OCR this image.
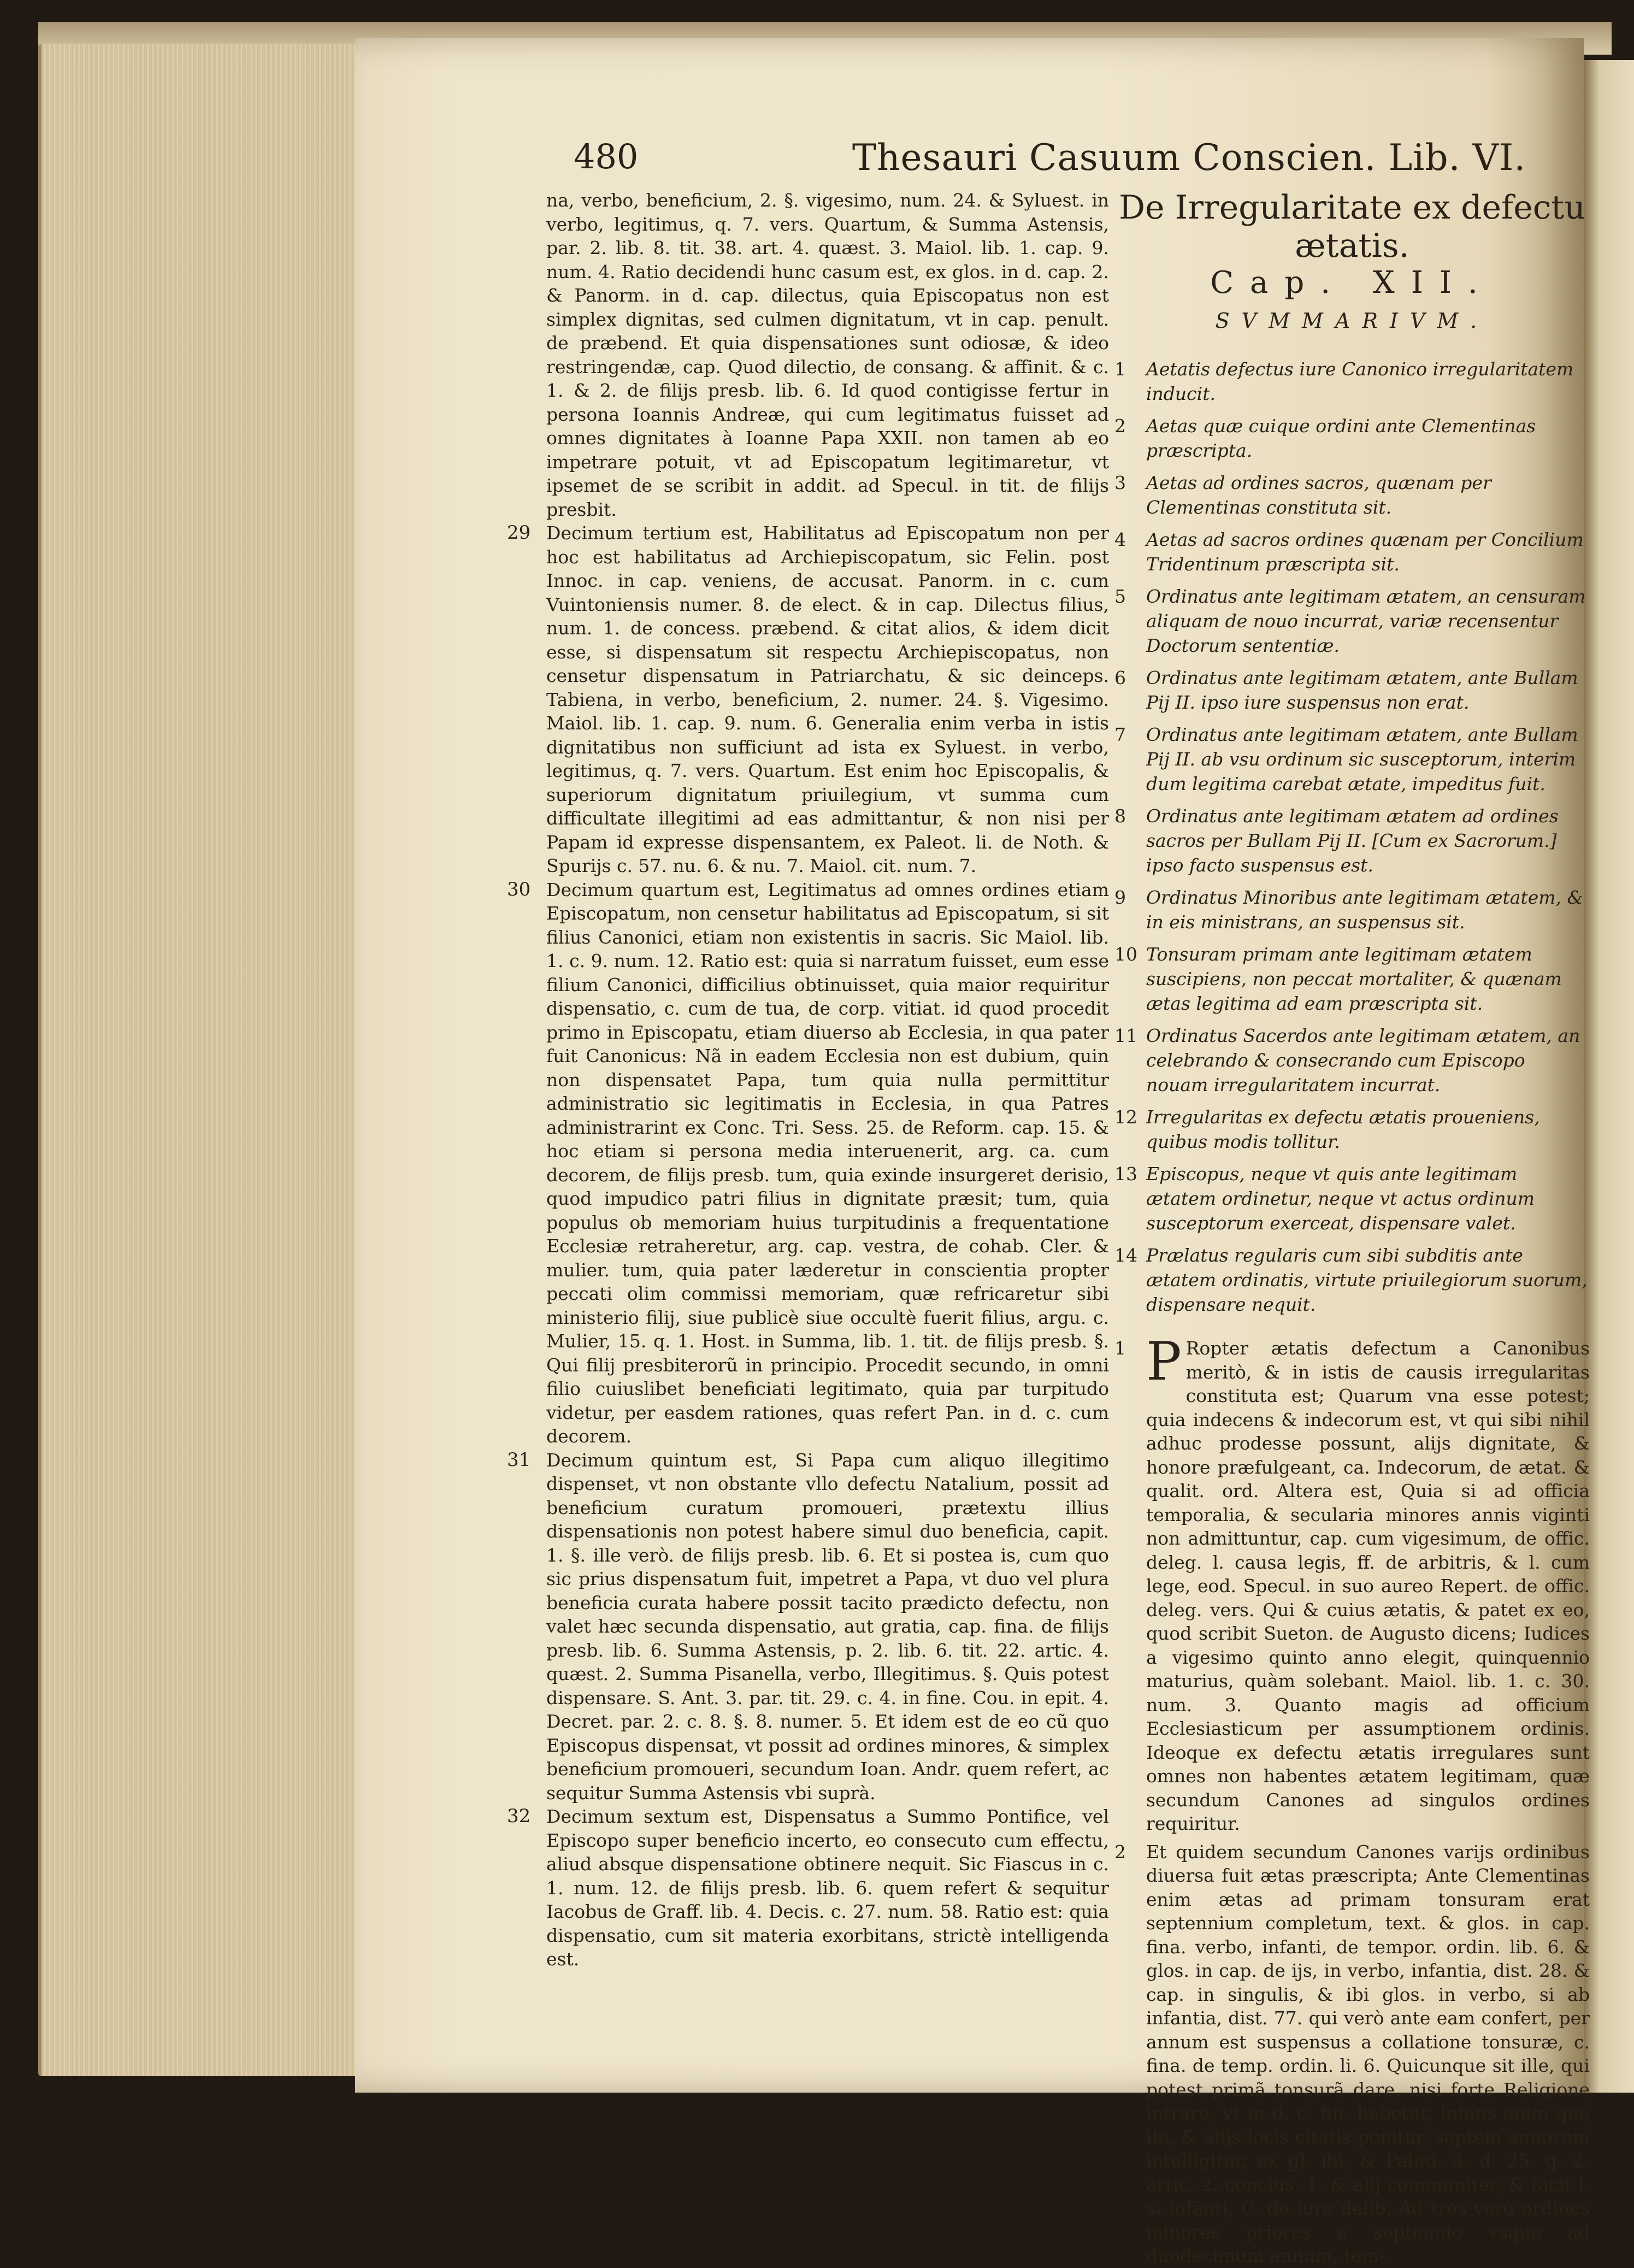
480	Thesauri Casuum Conscien. Lib. VI.

na, verbo, beneficium, 2. §. vigesimo, num. 24. & Syluest. in verbo, legitimus, q. 7. vers. Quartum, & Summa Astensis, par. 2. lib. 8. tit. 38. art. 4. quæst. 3. Maiol. lib. 1. cap. 9. num. 4. Ratio decidendi hunc casum est, ex glos. in d. cap. 2. & Panorm. in d. cap. dilectus, quia Episcopatus non est simplex dignitas, sed culmen dignitatum, vt in cap. penult. de præbend. Et quia dispensationes sunt odiosæ, & ideo restringendæ, cap. Quod dilectio, de consang. & affinit. & c. 1. & 2. de filijs presb. lib. 6. Id quod contigisse fertur in persona Ioannis Andreæ, qui cum legitimatus fuisset ad omnes dignitates à Ioanne Papa XXII. non tamen ab eo impetrare potuit, vt ad Episcopatum legitimaretur, vt ipsemet de se scribit in addit. ad Specul. in tit. de filijs presbit.

29 Decimum tertium est, Habilitatus ad Episcopatum non per hoc est habilitatus ad Archiepiscopatum, sic Felin. post Innoc. in cap. veniens, de accusat. Panorm. in c. cum Vuintoniensis numer. 8. de elect. & in cap. Dilectus filius, num. 1. de concess. præbend. & citat alios, & idem dicit esse, si dispensatum sit respectu Archiepiscopatus, non censetur dispensatum in Patriarchatu, & sic deinceps. Tabiena, in verbo, beneficium, 2. numer. 24. §. Vigesimo. Maiol. lib. 1. cap. 9. num. 6. Generalia enim verba in istis dignitatibus non sufficiunt ad ista ex Syluest. in verbo, legitimus, q. 7. vers. Quartum. Est enim hoc Episcopalis, & superiorum dignitatum priuilegium, vt summa cum difficultate illegitimi ad eas admittantur, & non nisi per Papam id expresse dispensantem, ex Paleot. li. de Noth. & Spurijs c. 57. nu. 6. & nu. 7. Maiol. cit. num. 7.

30 Decimum quartum est, Legitimatus ad omnes ordines etiam Episcopatum, non censetur habilitatus ad Episcopatum, si sit filius Canonici, etiam non existentis in sacris. Sic Maiol. lib. 1. c. 9. num. 12. Ratio est: quia si narratum fuisset, eum esse filium Canonici, difficilius obtinuisset, quia maior requiritur dispensatio, c. cum de tua, de corp. vitiat. id quod procedit primo in Episcopatu, etiam diuerso ab Ecclesia, in qua pater fuit Canonicus: Nã in eadem Ecclesia non est dubium, quin non dispensatet Papa, tum quia nulla permittitur administratio sic legitimatis in Ecclesia, in qua Patres administrarint ex Conc. Tri. Sess. 25. de Reform. cap. 15. & hoc etiam si persona media interuenerit, arg. ca. cum decorem, de filijs presb. tum, quia exinde insurgeret derisio, quod impudico patri filius in dignitate præsit; tum, quia populus ob memoriam huius turpitudinis a frequentatione Ecclesiæ retraheretur, arg. cap. vestra, de cohab. Cler. & mulier. tum, quia pater læderetur in conscientia propter peccati olim commissi memoriam, quæ refricaretur sibi ministerio filij, siue publicè siue occultè fuerit filius, argu. c. Mulier, 15. q. 1. Host. in Summa, lib. 1. tit. de filijs presb. §. Qui filij presbiterorũ in principio. Procedit secundo, in omni filio cuiuslibet beneficiati legitimato, quia par turpitudo videtur, per easdem rationes, quas refert Pan. in d. c. cum decorem.

31 Decimum quintum est, Si Papa cum aliquo illegitimo dispenset, vt non obstante vllo defectu Natalium, possit ad beneficium curatum promoueri, prætextu illius dispensationis non potest habere simul duo beneficia, capit. 1. §. ille verò. de filijs presb. lib. 6. Et si postea is, cum quo sic prius dispensatum fuit, impetret a Papa, vt duo vel plura beneficia curata habere possit tacito prædicto defectu, non valet hæc secunda dispensatio, aut gratia, cap. fina. de filijs presb. lib. 6. Summa Astensis, p. 2. lib. 6. tit. 22. artic. 4. quæst. 2. Summa Pisanella, verbo, Illegitimus. §. Quis potest dispensare. S. Ant. 3. par. tit. 29. c. 4. in fine. Cou. in epit. 4. Decret. par. 2. c. 8. §. 8. numer. 5. Et idem est de eo cũ quo Episcopus dispensat, vt possit ad ordines minores, & simplex beneficium promoueri, secundum Ioan. Andr. quem refert, ac sequitur Summa Astensis vbi suprà.

32 Decimum sextum est, Dispensatus a Summo Pontifice, vel Episcopo super beneficio incerto, eo consecuto cum effectu, aliud absque dispensatione obtinere nequit. Sic Fiascus in c. 1. num. 12. de filijs presb. lib. 6. quem refert & sequitur Iacobus de Graff. lib. 4. Decis. c. 27. num. 58. Ratio est: quia dispensatio, cum sit materia exorbitans, strictè intelligenda est.

De Irregularitate ex defectu ætatis.

Cap. XII.

SVMMARIVM.
1 Aetatis defectus iure Canonico irregularitatem inducit.
2 Aetas quæ cuique ordini ante Clementinas præscripta.
3 Aetas ad ordines sacros, quænam per Clementinas constituta sit.
4 Aetas ad sacros ordines quænam per Concilium Tridentinum præscripta sit.
5 Ordinatus ante legitimam ætatem, an censuram aliquam de nouo incurrat, variæ recensentur Doctorum sententiæ.
6 Ordinatus ante legitimam ætatem, ante Bullam Pij II. ipso iure suspensus non erat.
7 Ordinatus ante legitimam ætatem, ante Bullam Pij II. ab vsu ordinum sic susceptorum, interim dum legitima carebat ætate, impeditus fuit.
8 Ordinatus ante legitimam ætatem ad ordines sacros per Bullam Pij II. [Cum ex Sacrorum.] ipso facto suspensus est.
9 Ordinatus Minoribus ante legitimam ætatem, & in eis ministrans, an suspensus sit.
10 Tonsuram primam ante legitimam ætatem suscipiens, non peccat mortaliter, & quænam ætas legitima ad eam præscripta sit.
11 Ordinatus Sacerdos ante legitimam ætatem, an celebrando & consecrando cum Episcopo nouam irregularitatem incurrat.
12 Irregularitas ex defectu ætatis proueniens, quibus modis tollitur.
13 Episcopus, neque vt quis ante legitimam ætatem ordinetur, neque vt actus ordinum susceptorum exerceat, dispensare valet.
14 Prælatus regularis cum sibi subditis ante ætatem ordinatis, virtute priuilegiorum suorum, dispensare nequit.
1 P Ropter ætatis defectum a Canonibus meritò, & in istis de causis irregularitas constituta est; Quarum vna esse potest; quia indecens & indecorum est, vt qui sibi nihil adhuc prodesse possunt, alijs dignitate, & honore præfulgeant, ca. Indecorum, de ætat. & qualit. ord. Altera est, Quia si ad officia temporalia, & secularia minores annis viginti non admittuntur, cap. cum vigesimum, de offic. deleg. l. causa legis, ff. de arbitris, & l. cum lege, eod. Specul. in suo aureo Repert. de offic. deleg. vers. Qui & cuius ætatis, & patet ex eo, quod scribit Sueton. de Augusto dicens; Iudices a vigesimo quinto anno elegit, quinquennio maturius, quàm solebant. Maiol. lib. 1. c. 30. num. 3. Quanto magis ad officium Ecclesiasticum per assumptionem ordinis. Ideoque ex defectu ætatis irregulares sunt omnes non habentes ætatem legitimam, quæ secundum Canones ad singulos ordines requiritur.

2 Et quidem secundum Canones varijs ordinibus diuersa fuit ætas præscripta; Ante Clementinas enim ætas ad primam tonsuram erat septennium completum, text. & glos. in cap. fina. verbo, infanti, de tempor. ordin. lib. 6. & glos. in cap. de ijs, in verbo, infantia, dist. 28. & cap. in singulis, & ibi glos. in verbo, si ab infantia, dist. 77. qui verò ante eam confert, per annum est suspensus a collatione tonsuræ, c. fina. de temp. ordin. li. 6. Quicunque sit ille, qui potest primã tonsurã dare, nisi forte Religione intrare, vt in d. c. fin. habetur, infans enim quę ibi, & alijs locis citatis ponitur, septem annorum intelligitur, ex gl. ibi, & Palud. 4. d. 25. q. 2. artic. 2. conclus. 1. & alij communiter, & facit l. si infanti, C. de iure delib. Ad tres verò ordines minores priores a septennio vsque ad duodecimum annum, tem-
